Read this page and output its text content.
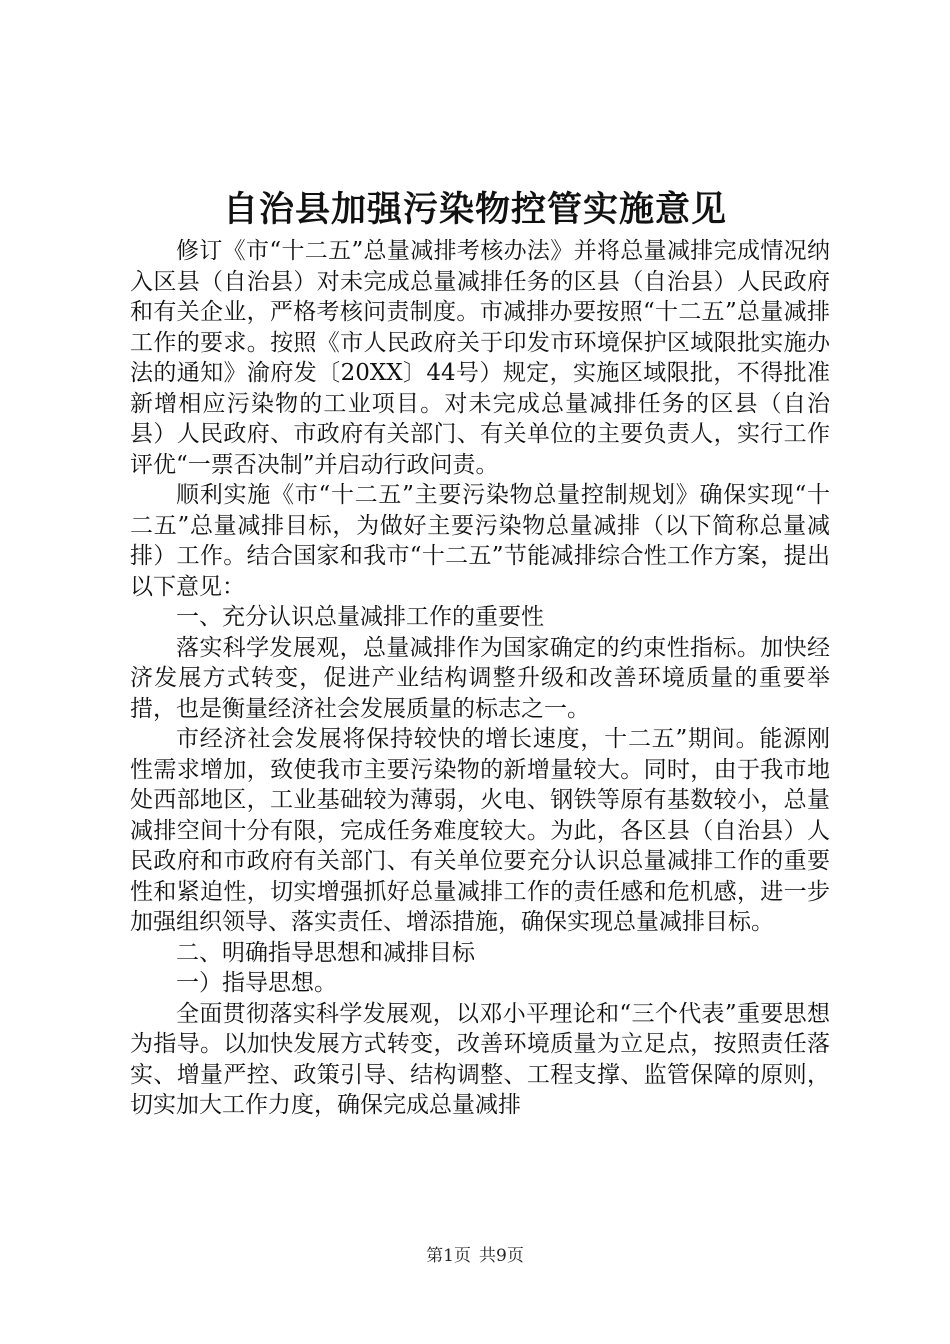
自治县加强污染物控管实施意见

修订《市“十二五”总量减排考核办法》并将总量减排完成情况纳入区县（自治县）对未完成总量减排任务的区县（自治县）人民政府和有关企业，严格考核问责制度。市减排办要按照“十二五”总量减排工作的要求。按照《市人民政府关于印发市环境保护区域限批实施办法的通知》渝府发〔20XX〕44号）规定，实施区域限批，不得批准新增相应污染物的工业项目。对未完成总量减排任务的区县（自治县）人民政府、市政府有关部门、有关单位的主要负责人，实行工作评优“一票否决制”并启动行政问责。

顺利实施《市“十二五”主要污染物总量控制规划》确保实现“十二五”总量减排目标，为做好主要污染物总量减排（以下简称总量减排）工作。结合国家和我市“十二五”节能减排综合性工作方案，提出以下意见：

一、充分认识总量减排工作的重要性

落实科学发展观，总量减排作为国家确定的约束性指标。加快经济发展方式转变，促进产业结构调整升级和改善环境质量的重要举措，也是衡量经济社会发展质量的标志之一。

市经济社会发展将保持较快的增长速度，十二五”期间。能源刚性需求增加，致使我市主要污染物的新增量较大。同时，由于我市地处西部地区，工业基础较为薄弱，火电、钢铁等原有基数较小，总量减排空间十分有限，完成任务难度较大。为此，各区县（自治县）人民政府和市政府有关部门、有关单位要充分认识总量减排工作的重要性和紧迫性，切实增强抓好总量减排工作的责任感和危机感，进一步加强组织领导、落实责任、增添措施，确保实现总量减排目标。

二、明确指导思想和减排目标

一）指导思想。

全面贯彻落实科学发展观，以邓小平理论和“三个代表”重要思想为指导。以加快发展方式转变，改善环境质量为立足点，按照责任落实、增量严控、政策引导、结构调整、工程支撑、监管保障的原则，切实加大工作力度，确保完成总量减排

第1页 共9页
